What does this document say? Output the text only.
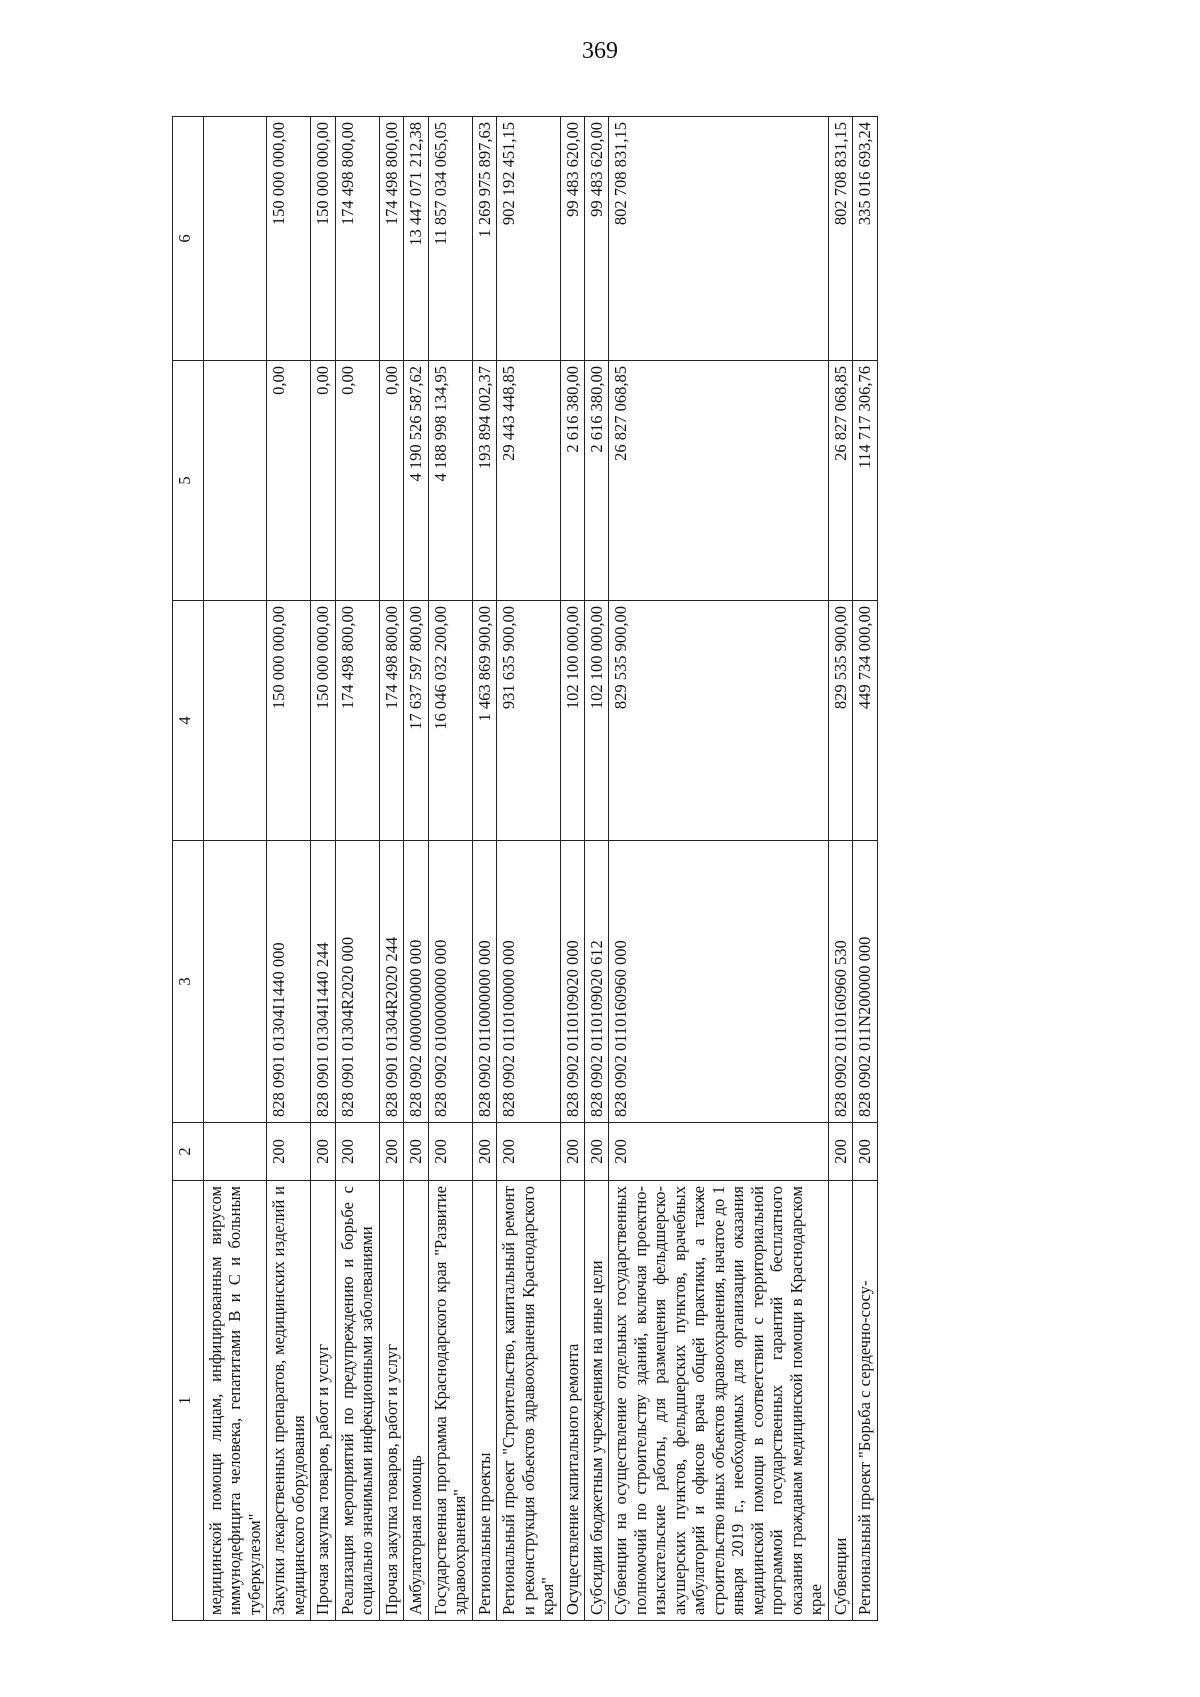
369
1	2	3	4	5	6
медицинской помощи лицам, инфицированным вирусом иммунодефицита человека, гепатитами В и С и больным туберкулезом"					
Закупки лекарственных препаратов, медицинских изделий и медицинского оборудования	200	828 0901 01304I1440 000	150 000 000,00	0,00	150 000 000,00
Прочая закупка товаров, работ и услуг	200	828 0901 01304I1440 244	150 000 000,00	0,00	150 000 000,00
Реализация мероприятий по предупреждению и борьбе с социально значимыми инфекционными заболеваниями	200	828 0901 01304R2020 000	174 498 800,00	0,00	174 498 800,00
Прочая закупка товаров, работ и услуг	200	828 0901 01304R2020 244	174 498 800,00	0,00	174 498 800,00
Амбулаторная помощь	200	828 0902 0000000000 000	17 637 597 800,00	4 190 526 587,62	13 447 071 212,38
Государственная программа Краснодарского края "Развитие здравоохранения"	200	828 0902 0100000000 000	16 046 032 200,00	4 188 998 134,95	11 857 034 065,05
Региональные проекты	200	828 0902 0110000000 000	1 463 869 900,00	193 894 002,37	1 269 975 897,63
Региональный проект "Строительство, капитальный ремонт и реконструкция объектов здравоохранения Краснодарского края"	200	828 0902 0110100000 000	931 635 900,00	29 443 448,85	902 192 451,15
Осуществление капитального ремонта	200	828 0902 0110109020 000	102 100 000,00	2 616 380,00	99 483 620,00
Субсидии бюджетным учреждениям на иные цели	200	828 0902 0110109020 612	102 100 000,00	2 616 380,00	99 483 620,00
Субвенции на осуществление отдельных государственных полномочий по строительству зданий, включая проектно-изыскательские работы, для размещения фельдшерско-акушерских пунктов, фельдшерских пунктов, врачебных амбулаторий и офисов врача общей практики, а также строительство иных объектов здравоохранения, начатое до 1 января 2019 г., необходимых для организации оказания медицинской помощи в соответствии с территориальной программой государственных гарантий бесплатного оказания гражданам медицинской помощи в Краснодарском крае	200	828 0902 0110160960 000	829 535 900,00	26 827 068,85	802 708 831,15
Субвенции	200	828 0902 0110160960 530	829 535 900,00	26 827 068,85	802 708 831,15
Региональный проект "Борьба с сердечно-сосу-	200	828 0902 011N200000 000	449 734 000,00	114 717 306,76	335 016 693,24
